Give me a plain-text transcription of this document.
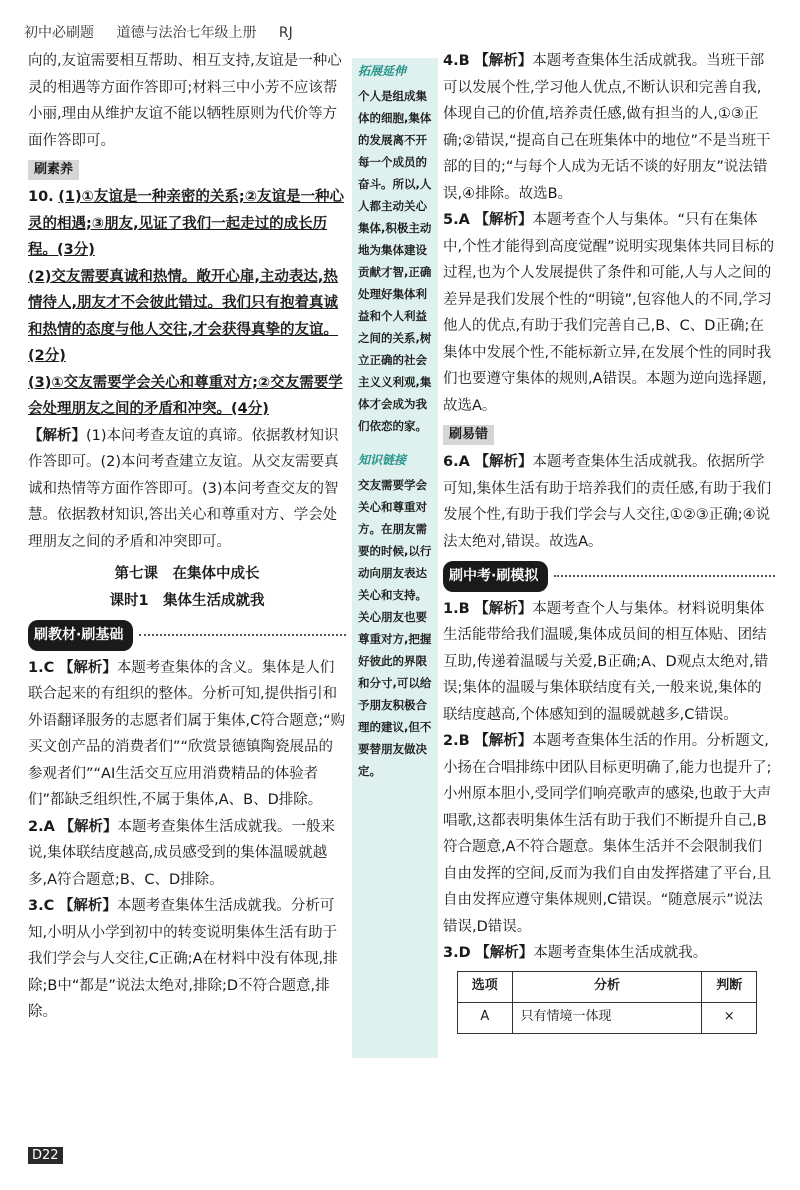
初中必刷题 道德与法治七年级上册 RJ

向的,友谊需要相互帮助、相互支持,友谊是一种心灵的相遇等方面作答即可;材料三中小芳不应该帮小丽,理由从维护友谊不能以牺牲原则为代价等方面作答即可。

刷素养

10. (1)①友谊是一种亲密的关系;②友谊是一种心灵的相遇;③朋友,见证了我们一起走过的成长历程。(3分)

(2)交友需要真诚和热情。敞开心扉,主动表达,热情待人,朋友才不会彼此错过。我们只有抱着真诚和热情的态度与他人交往,才会获得真挚的友谊。(2分)

(3)①交友需要学会关心和尊重对方;②交友需要学会处理朋友之间的矛盾和冲突。(4分)

【解析】(1)本问考查友谊的真谛。依据教材知识作答即可。(2)本问考查建立友谊。从交友需要真诚和热情等方面作答即可。(3)本问考查交友的智慧。依据教材知识,答出关心和尊重对方、学会处理朋友之间的矛盾和冲突即可。

第七课　在集体中成长

课时1　集体生活成就我

刷教材·刷基础

1.C 【解析】本题考查集体的含义。集体是人们联合起来的有组织的整体。分析可知,提供指引和外语翻译服务的志愿者们属于集体,C符合题意;“购买文创产品的消费者们”“欣赏景德镇陶瓷展品的参观者们”“AI生活交互应用消费精品的体验者们”都缺乏组织性,不属于集体,A、B、D排除。

2.A 【解析】本题考查集体生活成就我。一般来说,集体联结度越高,成员感受到的集体温暖就越多,A符合题意;B、C、D排除。

3.C 【解析】本题考查集体生活成就我。分析可知,小明从小学到初中的转变说明集体生活有助于我们学会与人交往,C正确;A在材料中没有体现,排除;B中“都是”说法太绝对,排除;D不符合题意,排除。

拓展延伸
个人是组成集体的细胞,集体的发展离不开每一个成员的奋斗。所以,人人都主动关心集体,积极主动地为集体建设贡献才智,正确处理好集体利益和个人利益之间的关系,树立正确的社会主义义利观,集体才会成为我们依恋的家。
知识链接
交友需要学会关心和尊重对方。在朋友需要的时候,以行动向朋友表达关心和支持。关心朋友也要尊重对方,把握好彼此的界限和分寸,可以给予朋友积极合理的建议,但不要替朋友做决定。

4.B 【解析】本题考查集体生活成就我。当班干部可以发展个性,学习他人优点,不断认识和完善自我,体现自己的价值,培养责任感,做有担当的人,①③正确;②错误,“提高自己在班集体中的地位”不是当班干部的目的;“与每个人成为无话不谈的好朋友”说法错误,④排除。故选B。

5.A 【解析】本题考查个人与集体。“只有在集体中,个性才能得到高度觉醒”说明实现集体共同目标的过程,也为个人发展提供了条件和可能,人与人之间的差异是我们发展个性的“明镜”,包容他人的不同,学习他人的优点,有助于我们完善自己,B、C、D正确;在集体中发展个性,不能标新立异,在发展个性的同时我们也要遵守集体的规则,A错误。本题为逆向选择题,故选A。

刷易错

6.A 【解析】本题考查集体生活成就我。依据所学可知,集体生活有助于培养我们的责任感,有助于我们发展个性,有助于我们学会与人交往,①②③正确;④说法太绝对,错误。故选A。

刷中考·刷模拟

1.B 【解析】本题考查个人与集体。材料说明集体生活能带给我们温暖,集体成员间的相互体贴、团结互助,传递着温暖与关爱,B正确;A、D观点太绝对,错误;集体的温暖与集体联结度有关,一般来说,集体的联结度越高,个体感知到的温暖就越多,C错误。

2.B 【解析】本题考查集体生活的作用。分析题文,小扬在合唱排练中团队目标更明确了,能力也提升了;小州原本胆小,受同学们响亮歌声的感染,也敢于大声唱歌,这都表明集体生活有助于我们不断提升自己,B符合题意,A不符合题意。集体生活并不会限制我们自由发挥的空间,反而为我们自由发挥搭建了平台,且自由发挥应遵守集体规则,C错误。“随意展示”说法错误,D错误。

3.D 【解析】本题考查集体生活成就我。

选项	分析	判断
A	只有情境一体现	×
D22
